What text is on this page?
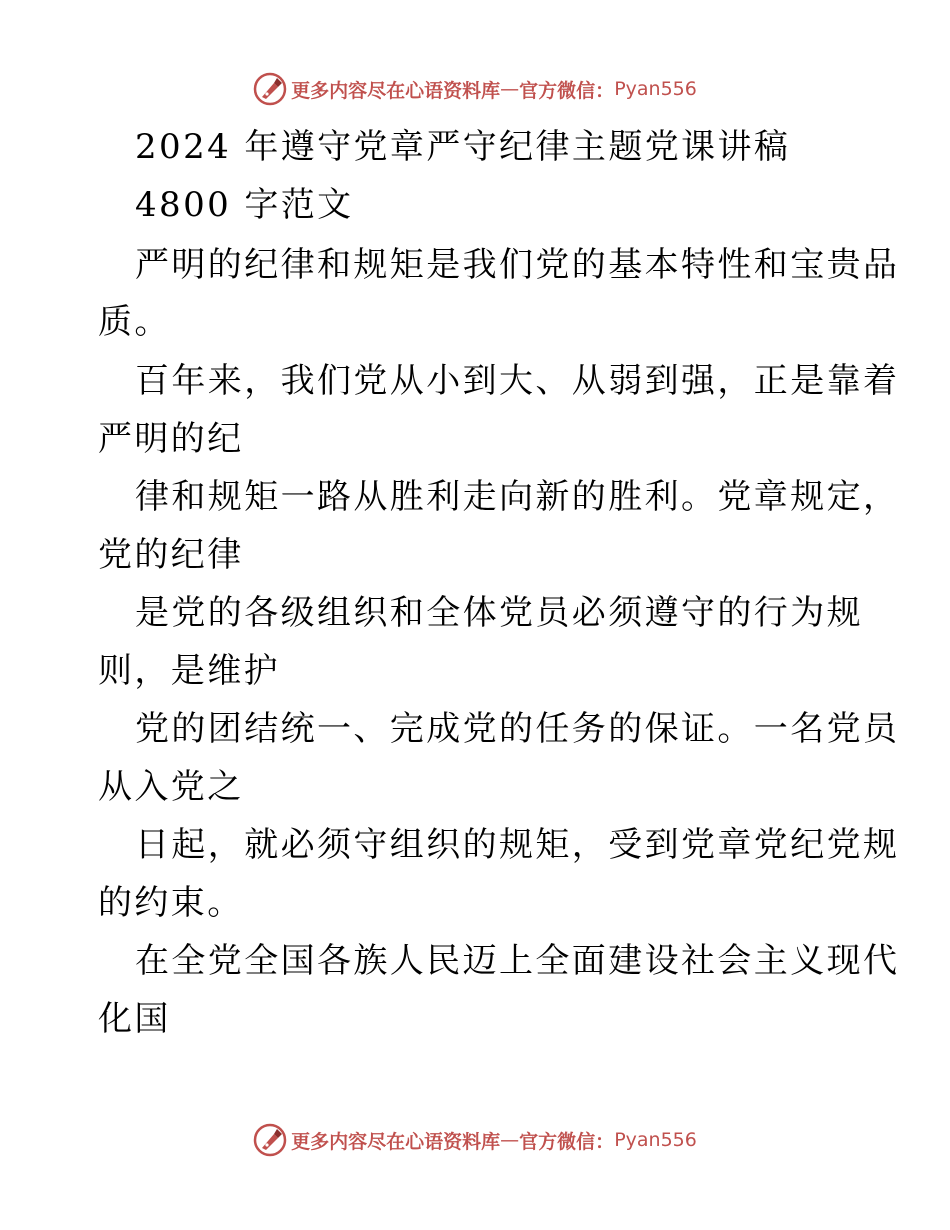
更多内容尽在心语资料库 — 官方微信： Pyan556
2024 年遵守党章严守纪律主题党课讲稿
4800 字范文
严明的纪律和规矩是我们党的基本特性和宝贵品
质。
百年来，我们党从小到大、从弱到强，正是靠着
严明的纪
律和规矩一路从胜利走向新的胜利。党章规定，
党的纪律
是党的各级组织和全体党员必须遵守的行为规
则，是维护
党的团结统一、完成党的任务的保证。一名党员
从入党之
日起，就必须守组织的规矩，受到党章党纪党规
的约束。
在全党全国各族人民迈上全面建设社会主义现代
化国
更多内容尽在心语资料库 — 官方微信： Pyan556
